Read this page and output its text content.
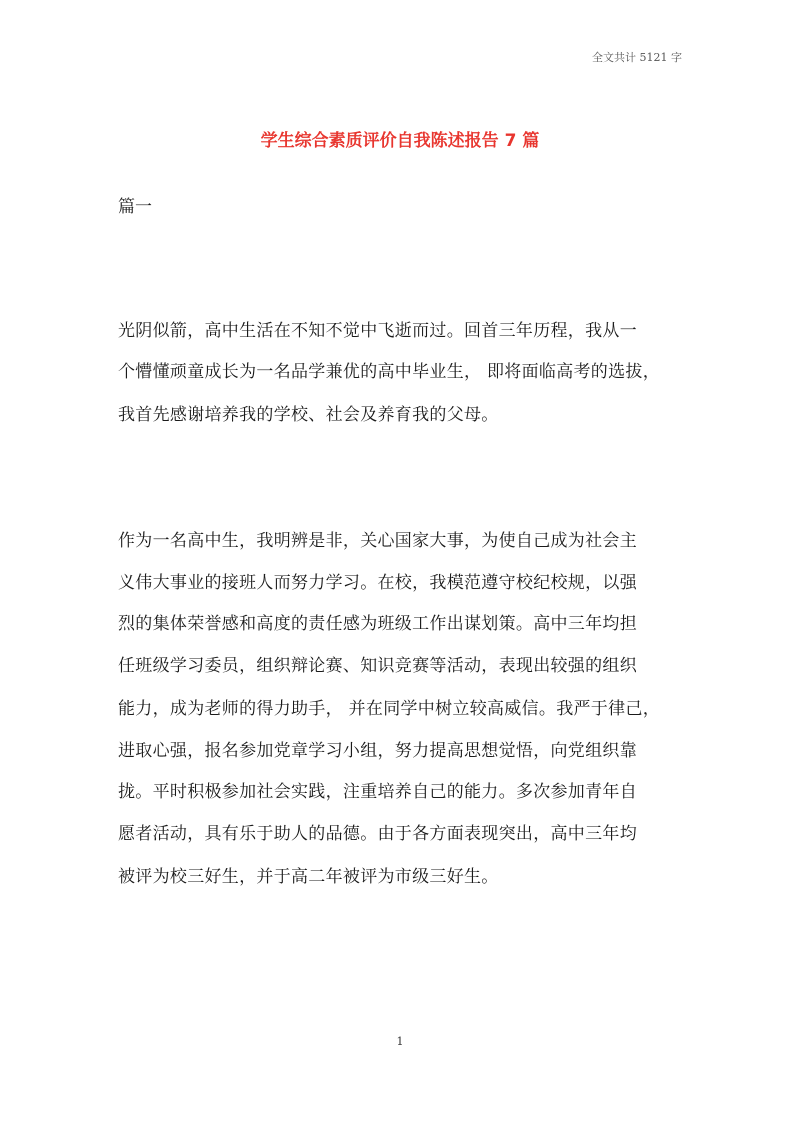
全文共计 5121 字
学生综合素质评价自我陈述报告 7 篇
篇一
光阴似箭，高中生活在不知不觉中飞逝而过。回首三年历程，我从一
个懵懂顽童成长为一名品学兼优的高中毕业生， 即将面临高考的选拔，
我首先感谢培养我的学校、社会及养育我的父母。
作为一名高中生，我明辨是非，关心国家大事，为使自己成为社会主
义伟大事业的接班人而努力学习。在校，我模范遵守校纪校规，以强
烈的集体荣誉感和高度的责任感为班级工作出谋划策。高中三年均担
任班级学习委员，组织辩论赛、知识竞赛等活动，表现出较强的组织
能力，成为老师的得力助手， 并在同学中树立较高威信。我严于律己，
进取心强，报名参加党章学习小组，努力提高思想觉悟，向党组织靠
拢。平时积极参加社会实践，注重培养自己的能力。多次参加青年自
愿者活动，具有乐于助人的品德。由于各方面表现突出，高中三年均
被评为校三好生，并于高二年被评为市级三好生。
1
